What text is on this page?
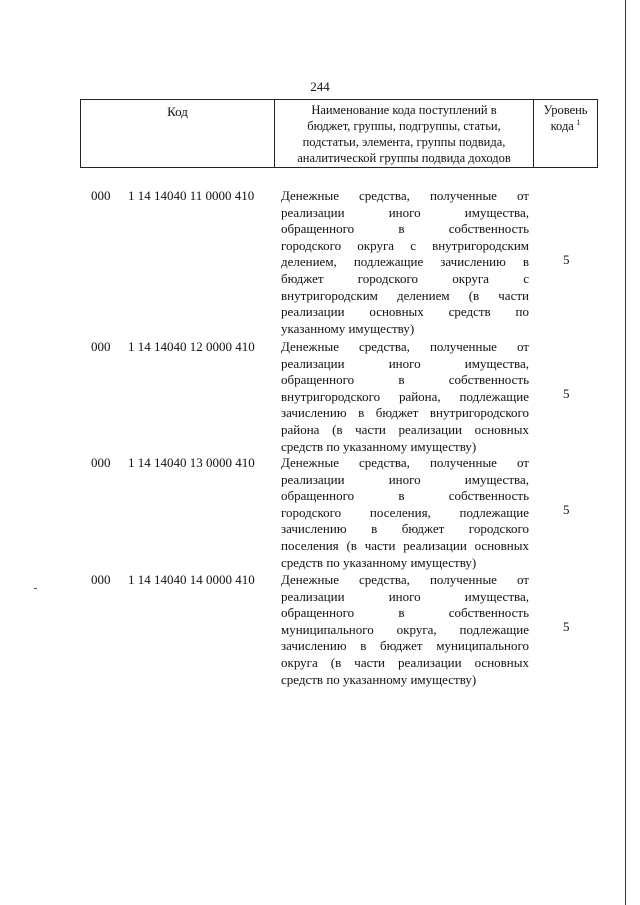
244
Код	Наименование кода поступлений в
бюджет, группы, подгруппы, статьи,
подстатьи, элемента, группы подвида,
аналитической группы подвида доходов
Уровень
кода  $^1$
000 1 14 14040 11 0000 410 Денежные средства, полученные от
реализации иного имущества,
обращенного в собственность
городского округа с внутригородским
делением, подлежащие зачислению в
бюджет городского округа с
внутригородским делением (в части
реализации основных средств по
указанному имуществу)
5
000 1 14 14040 12 0000 410 Денежные средства, полученные от
реализации иного имущества,
обращенного в собственность
внутригородского района, подлежащие
зачислению в бюджет внутригородского
района (в части реализации основных
средств по указанному имуществу)
5
000 1 14 14040 13 0000 410 Денежные средства, полученные от
реализации иного имущества,
обращенного в собственность
городского поселения, подлежащие
зачислению в бюджет городского
поселения (в части реализации основных
средств по указанному имуществу)
5
000 1 14 14040 14 0000 410 Денежные средства, полученные от
реализации иного имущества,
обращенного в собственность
муниципального округа, подлежащие
зачислению в бюджет муниципального
округа (в части реализации основных
средств по указанному имуществу)
5
